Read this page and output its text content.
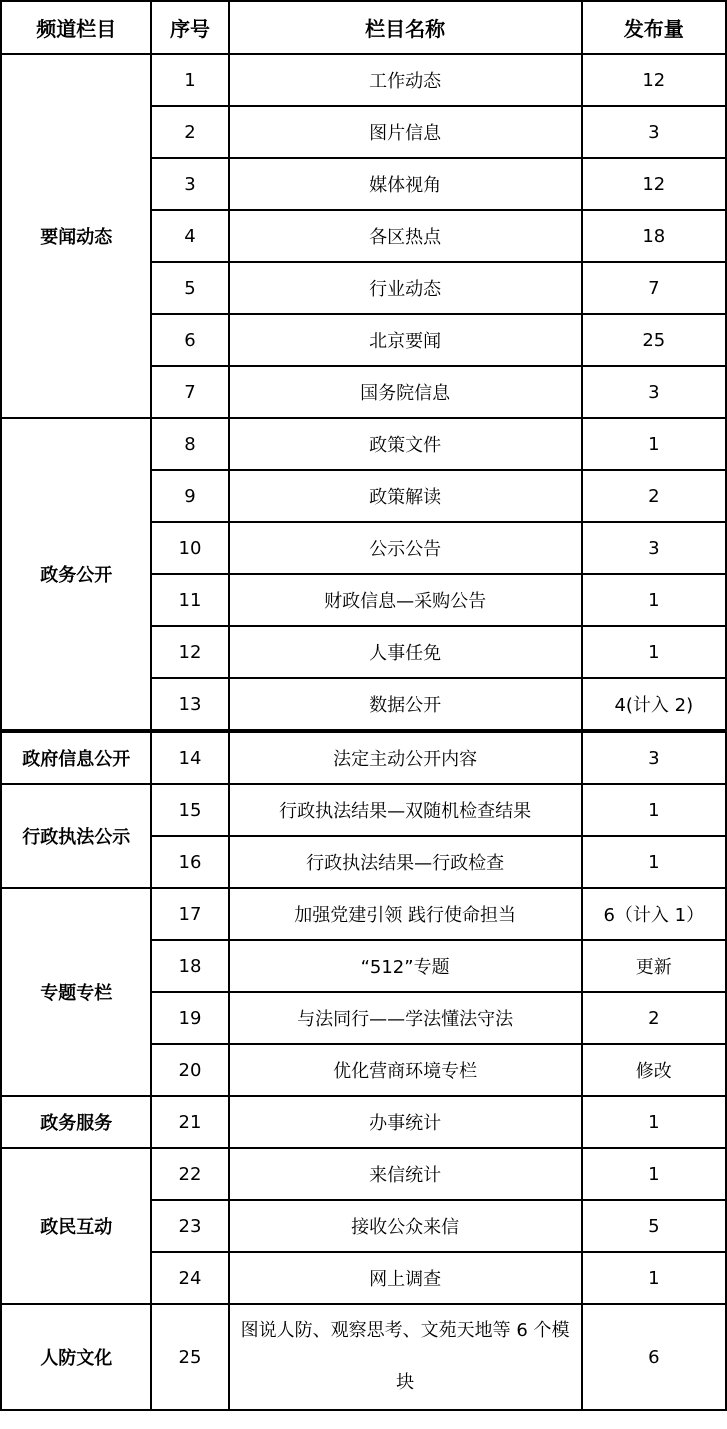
频道栏目	序号	栏目名称	发布量
要闻动态	1	工作动态	12
	2	图片信息	3
	3	媒体视角	12
	4	各区热点	18
	5	行业动态	7
	6	北京要闻	25
	7	国务院信息	3
政务公开	8	政策文件	1
	9	政策解读	2
	10	公示公告	3
	11	财政信息—采购公告	1
	12	人事任免	1
	13	数据公开	4(计入 2)
政府信息公开	14	法定主动公开内容	3
行政执法公示	15	行政执法结果—双随机检查结果	1
	16	行政执法结果—行政检查	1
专题专栏	17	加强党建引领 践行使命担当	6（计入 1）
	18	“512”专题	更新
	19	与法同行——学法懂法守法	2
	20	优化营商环境专栏	修改
政务服务	21	办事统计	1
政民互动	22	来信统计	1
	23	接收公众来信	5
	24	网上调查	1
人防文化	25	图说人防、观察思考、文苑天地等 6 个模块	6
